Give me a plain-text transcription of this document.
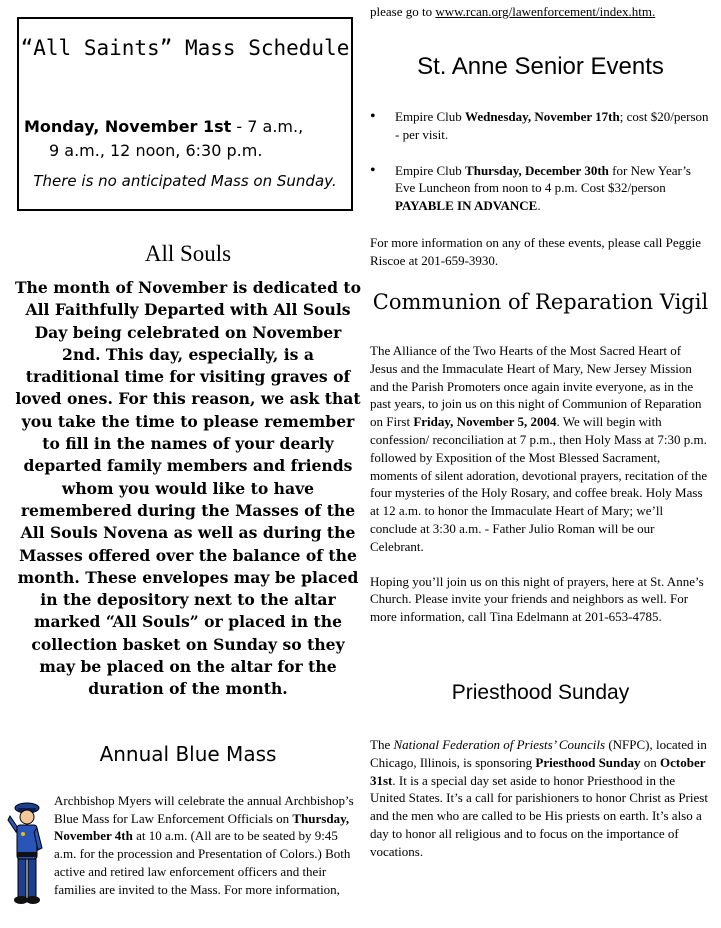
“All Saints” Mass Schedule
Monday, November 1st - 7 a.m.,
9 a.m., 12 noon, 6:30 p.m.
There is no anticipated Mass on Sunday.
All Souls
The month of November is dedicated to All Faithfully Departed with All Souls Day being celebrated on November 2nd. This day, especially, is a traditional time for visiting graves of loved ones. For this reason, we ask that you take the time to please remember to fill in the names of your dearly departed family members and friends whom you would like to have remembered during the Masses of the All Souls Novena as well as during the Masses offered over the balance of the month. These envelopes may be placed in the depository next to the altar marked “All Souls” or placed in the collection basket on Sunday so they may be placed on the altar for the duration of the month.
Annual Blue Mass
Archbishop Myers will celebrate the annual Archbishop’s Blue Mass for Law Enforcement Officials on Thursday, November 4th at 10 a.m. (All are to be seated by 9:45 a.m. for the procession and Presentation of Colors.) Both active and retired law enforcement officers and their families are invited to the Mass. For more information,
please go to www.rcan.org/lawenforcement/index.htm.
St. Anne Senior Events
• Empire Club Wednesday, November 17th; cost $20/person - per visit.
• Empire Club Thursday, December 30th for New Year’s Eve Luncheon from noon to 4 p.m. Cost $32/person PAYABLE IN ADVANCE.
For more information on any of these events, please call Peggie Riscoe at 201-659-3930.
Communion of Reparation Vigil

The Alliance of the Two Hearts of the Most Sacred Heart of Jesus and the Immaculate Heart of Mary, New Jersey Mission and the Parish Promoters once again invite everyone, as in the past years, to join us on this night of Communion of Reparation on First Friday, November 5, 2004. We will begin with confession/ reconciliation at 7 p.m., then Holy Mass at 7:30 p.m. followed by Exposition of the Most Blessed Sacrament, moments of silent adoration, devotional prayers, recitation of the four mysteries of the Holy Rosary, and coffee break. Holy Mass at 12 a.m. to honor the Immaculate Heart of Mary; we’ll conclude at 3:30 a.m. - Father Julio Roman will be our Celebrant.

Hoping you’ll join us on this night of prayers, here at St. Anne’s Church. Please invite your friends and neighbors as well. For more information, call Tina Edelmann at 201-653-4785.

Priesthood Sunday
The National Federation of Priests’ Councils (NFPC), located in Chicago, Illinois, is sponsoring Priesthood Sunday on October 31st. It is a special day set aside to honor Priesthood in the United States. It’s a call for parishioners to honor Christ as Priest and the men who are called to be His priests on earth. It’s also a day to honor all religious and to focus on the importance of vocations.
